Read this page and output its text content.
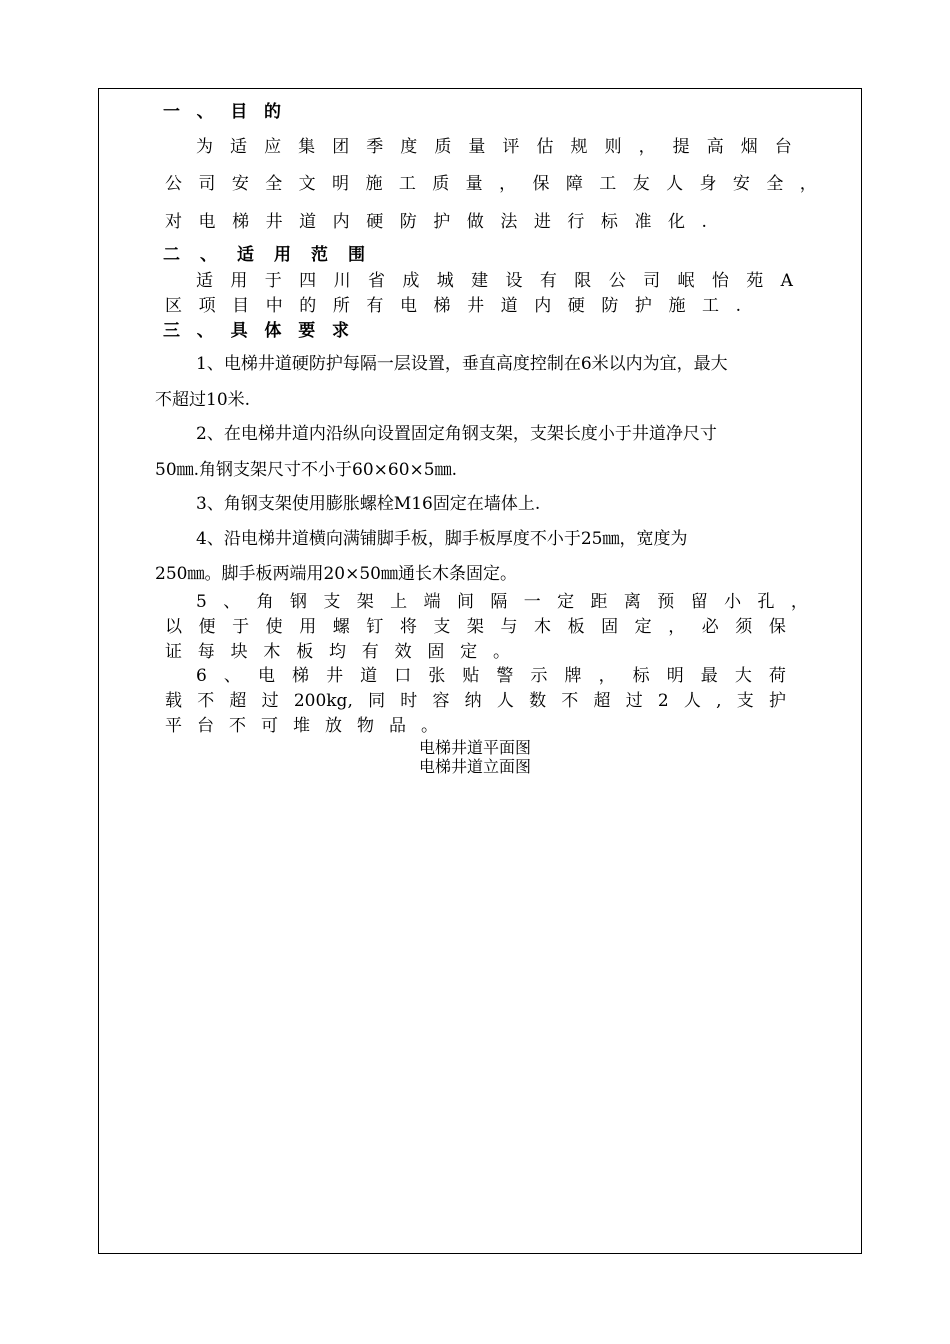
一 、 目 的
为 适 应 集 团 季 度 质 量 评 估 规 则 ， 提 高 烟 台
公 司 安 全 文 明 施 工 质 量 ， 保 障 工 友 人 身 安 全 ，
对 电 梯 井 道 内 硬 防 护 做 法 进 行 标 准 化 .
二 、 适 用 范 围
适 用 于 四 川 省 成 城 建 设 有 限 公 司 岷 怡 苑 A
区 项 目 中 的 所 有 电 梯 井 道 内 硬 防 护 施 工 .
三 、 具 体 要 求
1、电梯井道硬防护每隔一层设置，垂直高度控制在6米以内为宜，最大
不超过10米.
2、在电梯井道内沿纵向设置固定角钢支架，支架长度小于井道净尺寸
50㎜.角钢支架尺寸不小于60×60×5㎜.
3、角钢支架使用膨胀螺栓M16固定在墙体上.
4、沿电梯井道横向满铺脚手板，脚手板厚度不小于25㎜，宽度为
250㎜。脚手板两端用20×50㎜通长木条固定。
5 、 角 钢 支 架 上 端 间 隔 一 定 距 离 预 留 小 孔 ，
以 便 于 使 用 螺 钉 将 支 架 与 木 板 固 定 ， 必 须 保
证 每 块 木 板 均 有 效 固 定 。
6 、 电 梯 井 道 口 张 贴 警 示 牌 ， 标 明 最 大 荷
载 不 超 过 200kg, 同 时 容 纳 人 数 不 超 过 2 人 , 支 护
平 台 不 可 堆 放 物 品 。
电梯井道平面图
电梯井道立面图
